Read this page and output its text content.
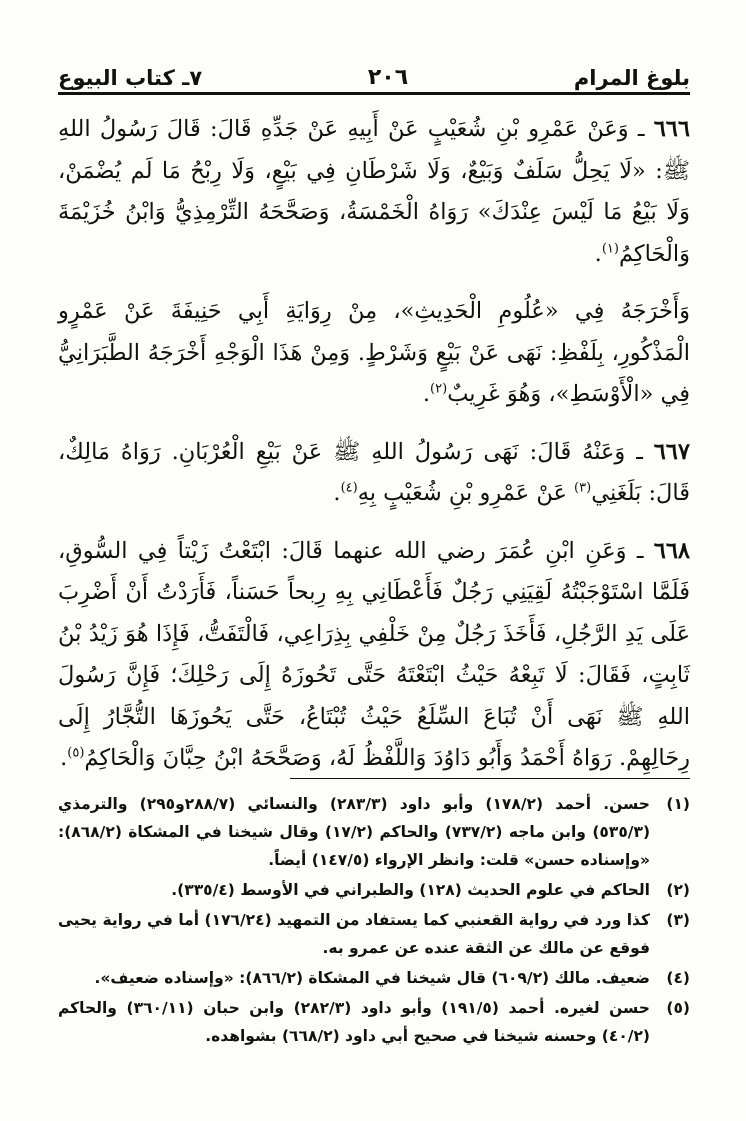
بلوغ المرام
٢٠٦
٧ـ كتاب البيوع

٦٦٦ ـ وَعَنْ عَمْرِو بْنِ شُعَيْبٍ عَنْ أَبِيهِ عَنْ جَدِّهِ قَالَ: قَالَ رَسُولُ اللهِ ﷺ: «لَا يَحِلُّ سَلَفٌ وَبَيْعٌ، وَلَا شَرْطَانِ فِي بَيْعٍ، وَلَا رِبْحُ مَا لَم يُضْمَنْ، وَلَا بَيْعُ مَا لَيْسَ عِنْدَكَ» رَوَاهُ الْخَمْسَةُ، وَصَحَّحَهُ التِّرْمِذِيُّ وَابْنُ خُزَيْمَةَ وَالْحَاكِمُ$^{(١)}$.

وَأَخْرَجَهُ فِي «عُلُومِ الْحَدِيثِ»، مِنْ رِوَايَةِ أَبِي حَنِيفَةَ عَنْ عَمْرٍو الْمَذْكُورِ، بِلَفْظِ: نَهَى عَنْ بَيْعٍ وَشَرْطٍ. وَمِنْ هَذَا الْوَجْهِ أَخْرَجَهُ الطَّبَرَانِيُّ فِي «الْأَوْسَطِ»، وَهُوَ غَرِيبٌ$^{(٢)}$.

٦٦٧ ـ وَعَنْهُ قَالَ: نَهَى رَسُولُ اللهِ ﷺ عَنْ بَيْعِ الْعُرْبَانِ. رَوَاهُ مَالِكٌ، قَالَ: بَلَغَنِي$^{(٣)}$ عَنْ عَمْرِو بْنِ شُعَيْبٍ بِهِ$^{(٤)}$.

٦٦٨ ـ وَعَنِ ابْنِ عُمَرَ رضي الله عنهما قَالَ: ابْتَعْتُ زَيْتاً فِي السُّوقِ، فَلَمَّا اسْتَوْجَبْتُهُ لَقِيَنِي رَجُلٌ فَأَعْطَانِي بِهِ رِبحاً حَسَناً، فَأَرَدْتُ أَنْ أَضْرِبَ عَلَى يَدِ الرَّجُلِ، فَأَخَذَ رَجُلٌ مِنْ خَلْفِي بِذِرَاعِي، فَالْتَفَتُّ، فَإِذَا هُوَ زَيْدُ بْنُ ثَابِتٍ، فَقَالَ: لَا تَبِعْهُ حَيْثُ ابْتَعْتَهُ حَتَّى تَحُوزَهُ إِلَى رَحْلِكَ؛ فَإِنَّ رَسُولَ اللهِ ﷺ نَهَى أَنْ تُبَاعَ السِّلَعُ حَيْثُ تُبْتَاعُ، حَتَّى يَحُوزَهَا التُّجَّارُ إِلَى رِحَالِهِمْ. رَوَاهُ أَحْمَدُ وَأَبُو دَاوُدَ وَاللَّفْظُ لَهُ، وَصَحَّحَهُ ابْنُ حِبَّانَ وَالْحَاكِمُ$^{(٥)}$.

(١)
حسن. أحمد (١٧٨/٢) وأبو داود (٢٨٣/٣) والنسائي (٢٨٨/٧و٢٩٥) والترمذي (٥٣٥/٣) وابن ماجه (٧٣٧/٢) والحاكم (١٧/٢) وقال شيخنا في المشكاة (٨٦٨/٢): «وإسناده حسن» قلت: وانظر الإرواء (١٤٧/٥) أيضاً.
(٢)
الحاكم في علوم الحديث (١٢٨) والطبراني في الأوسط (٣٣٥/٤).
(٣)
كذا ورد في رواية القعنبي كما يستفاد من التمهيد (١٧٦/٢٤) أما في رواية يحيى فوقع عن مالك عن الثقة عنده عن عمرو به.
(٤)
ضعيف. مالك (٦٠٩/٢) قال شيخنا في المشكاة (٨٦٦/٢): «وإسناده ضعيف».
(٥)
حسن لغيره. أحمد (١٩١/٥) وأبو داود (٢٨٢/٣) وابن حبان (٣٦٠/١١) والحاكم (٤٠/٢) وحسنه شيخنا في صحيح أبي داود (٦٦٨/٢) بشواهده.
